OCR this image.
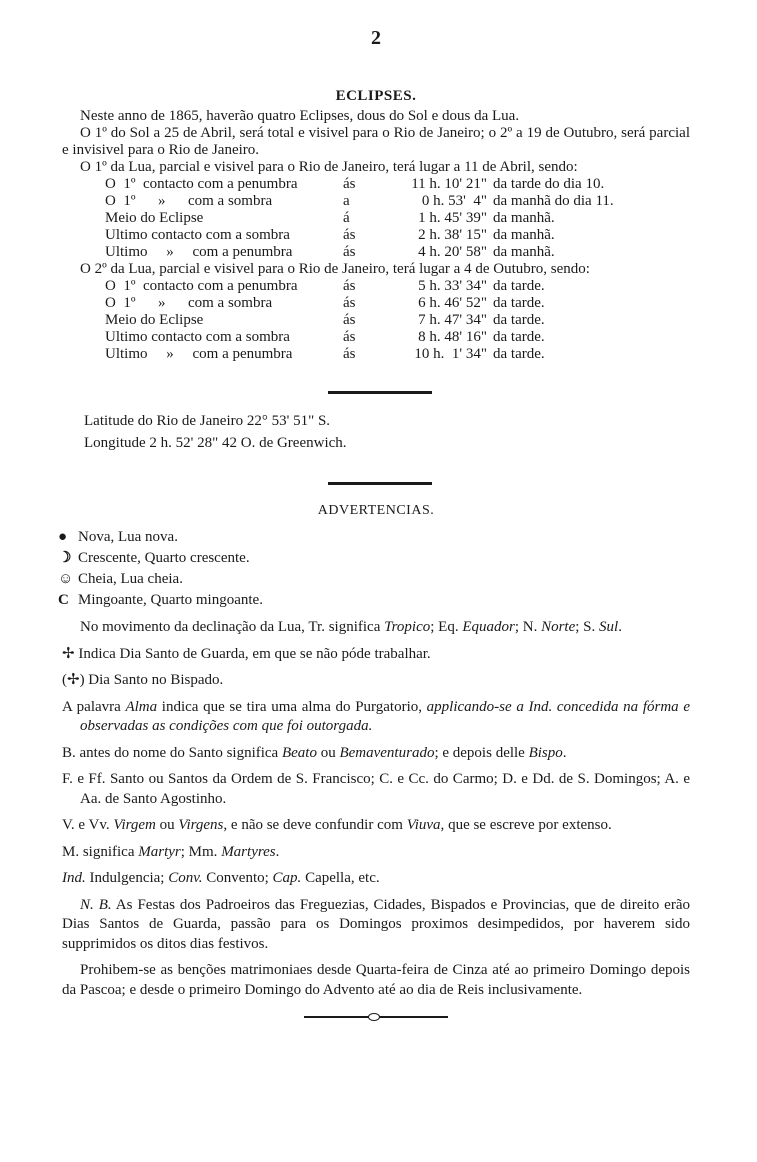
2
ECLIPSES.
Neste anno de 1865, haverão quatro Eclipses, dous do Sol e dous da Lua.
O 1º do Sol a 25 de Abril, será total e visivel para o Rio de Janeiro; o 2º a 19 de Outubro, será parcial e invisivel para o Rio de Janeiro.
O 1º da Lua, parcial e visivel para o Rio de Janeiro, terá lugar a 11 de Abril, sendo:
O  1º  contacto com a penumbra	ás	11 h. 10' 21" da tarde do dia 10.
O  1º      »      com a sombra	a	0 h. 53'  4" da manhã do dia 11.
Meio do Eclipse	á	1 h. 45' 39" da manhã.
Ultimo contacto com a sombra	ás	2 h. 38' 15" da manhã.
Ultimo     »     com a penumbra	ás	4 h. 20' 58" da manhã.
O 2º da Lua, parcial e visivel para o Rio de Janeiro, terá lugar a 4 de Outubro, sendo:
O  1º  contacto com a penumbra	ás	5 h. 33' 34" da tarde.
O  1º      »      com a sombra	ás	6 h. 46' 52" da tarde.
Meio do Eclipse	ás	7 h. 47' 34" da tarde.
Ultimo contacto com a sombra	ás	8 h. 48' 16" da tarde.
Ultimo     »     com a penumbra	ás	10 h.  1' 34" da tarde.
Latitude do Rio de Janeiro 22° 53' 51" S.
Longitude 2 h. 52' 28" 42 O. de Greenwich.
ADVERTENCIAS.
● Nova, Lua nova.
☽ Crescente, Quarto crescente.
☺ Cheia, Lua cheia.
C Mingoante, Quarto mingoante.
No movimento da declinação da Lua, Tr. significa Tropico; Eq. Equador; N. Norte; S. Sul.
✢ Indica Dia Santo de Guarda, em que se não póde trabalhar.
(✢) Dia Santo no Bispado.
A palavra Alma indica que se tira uma alma do Purgatorio, applicando-se a Ind. concedida na fórma e observadas as condições com que foi outorgada.
B. antes do nome do Santo significa Beato ou Bemaventurado; e depois delle Bispo.
F. e Ff. Santo ou Santos da Ordem de S. Francisco; C. e Cc. do Carmo; D. e Dd. de S. Domingos; A. e Aa. de Santo Agostinho.
V. e Vv. Virgem ou Virgens, e não se deve confundir com Viuva, que se escreve por extenso.
M. significa Martyr; Mm. Martyres.
Ind. Indulgencia; Conv. Convento; Cap. Capella, etc.
N. B. As Festas dos Padroeiros das Freguezias, Cidades, Bispados e Provincias, que de direito erão Dias Santos de Guarda, passão para os Domingos proximos desimpedidos, por haverem sido supprimidos os ditos dias festivos.
Prohibem-se as benções matrimoniaes desde Quarta-feira de Cinza até ao primeiro Domingo depois da Pascoa; e desde o primeiro Domingo do Advento até ao dia de Reis inclusivamente.
